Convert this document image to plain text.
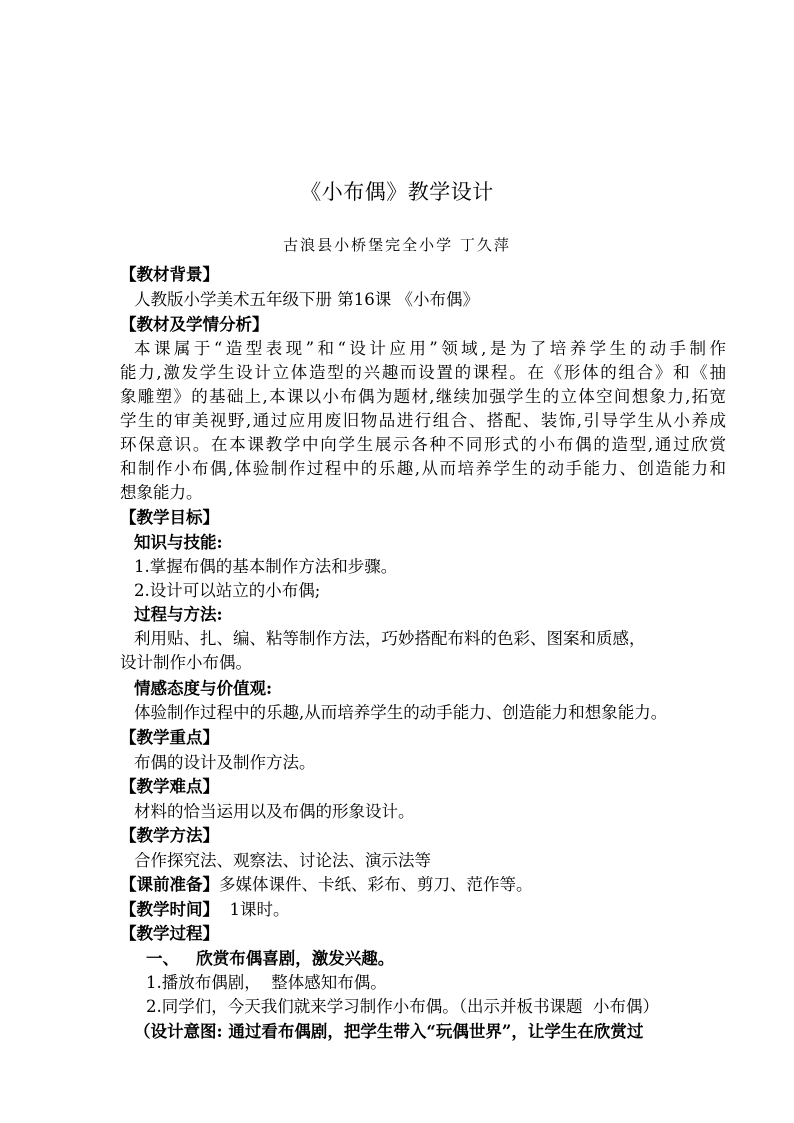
《小布偶》教学设计
古浪县小桥堡完全小学 丁久萍
【教材背景】
人教版小学美术五年级下册 第16课 《小布偶》
【教材及学情分析】
本课属于“造型表现”和“设计应用”领域,是为了培养学生的动手制作
能力,激发学生设计立体造型的兴趣而设置的课程。在《形体的组合》和《抽
象雕塑》的基础上,本课以小布偶为题材,继续加强学生的立体空间想象力,拓宽
学生的审美视野,通过应用废旧物品进行组合、搭配、装饰,引导学生从小养成
环保意识。在本课教学中向学生展示各种不同形式的小布偶的造型,通过欣赏
和制作小布偶,体验制作过程中的乐趣,从而培养学生的动手能力、创造能力和
想象能力。
【教学目标】
知识与技能:
1.掌握布偶的基本制作方法和步骤。
2.设计可以站立的小布偶;
过程与方法:
利用贴、扎、编、粘等制作方法，巧妙搭配布料的色彩、图案和质感，
设计制作小布偶。
情感态度与价值观:
体验制作过程中的乐趣,从而培养学生的动手能力、创造能力和想象能力。
【教学重点】
布偶的设计及制作方法。
【教学难点】
材料的恰当运用以及布偶的形象设计。
【教学方法】
合作探究法、观察法、讨论法、演示法等
【课前准备】多媒体课件、卡纸、彩布、剪刀、范作等。
【教学时间】  1课时。
【教学过程】
一、   欣赏布偶喜剧，激发兴趣。
1.播放布偶剧，  整体感知布偶。
2.同学们，今天我们就来学习制作小布偶。（出示并板书课题  小布偶）
（设计意图: 通过看布偶剧，把学生带入“玩偶世界”，让学生在欣赏过
